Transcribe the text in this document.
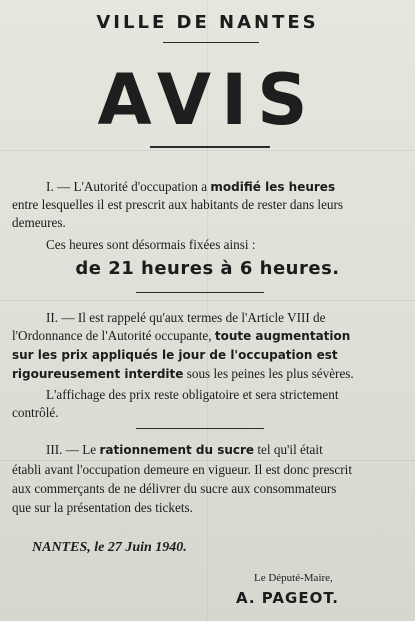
VILLE DE NANTES
AVIS
I. — L'Autorité d'occupation a modifié les heures
entre lesquelles il est prescrit aux habitants de rester dans leurs
demeures.
Ces heures sont désormais fixées ainsi :
de 21 heures à 6 heures.
II. — Il est rappelé qu'aux termes de l'Article VIII de
l'Ordonnance de l'Autorité occupante, toute augmentation
sur les prix appliqués le jour de l'occupation est
rigoureusement interdite sous les peines les plus sévères.
L'affichage des prix reste obligatoire et sera strictement
contrôlé.
III. — Le rationnement du sucre tel qu'il était
établi avant l'occupation demeure en vigueur. Il est donc prescrit
aux commerçants de ne délivrer du sucre aux consommateurs
que sur la présentation des tickets.
NANTES, le 27 Juin 1940.
Le Député-Maire,
A. PAGEOT.
